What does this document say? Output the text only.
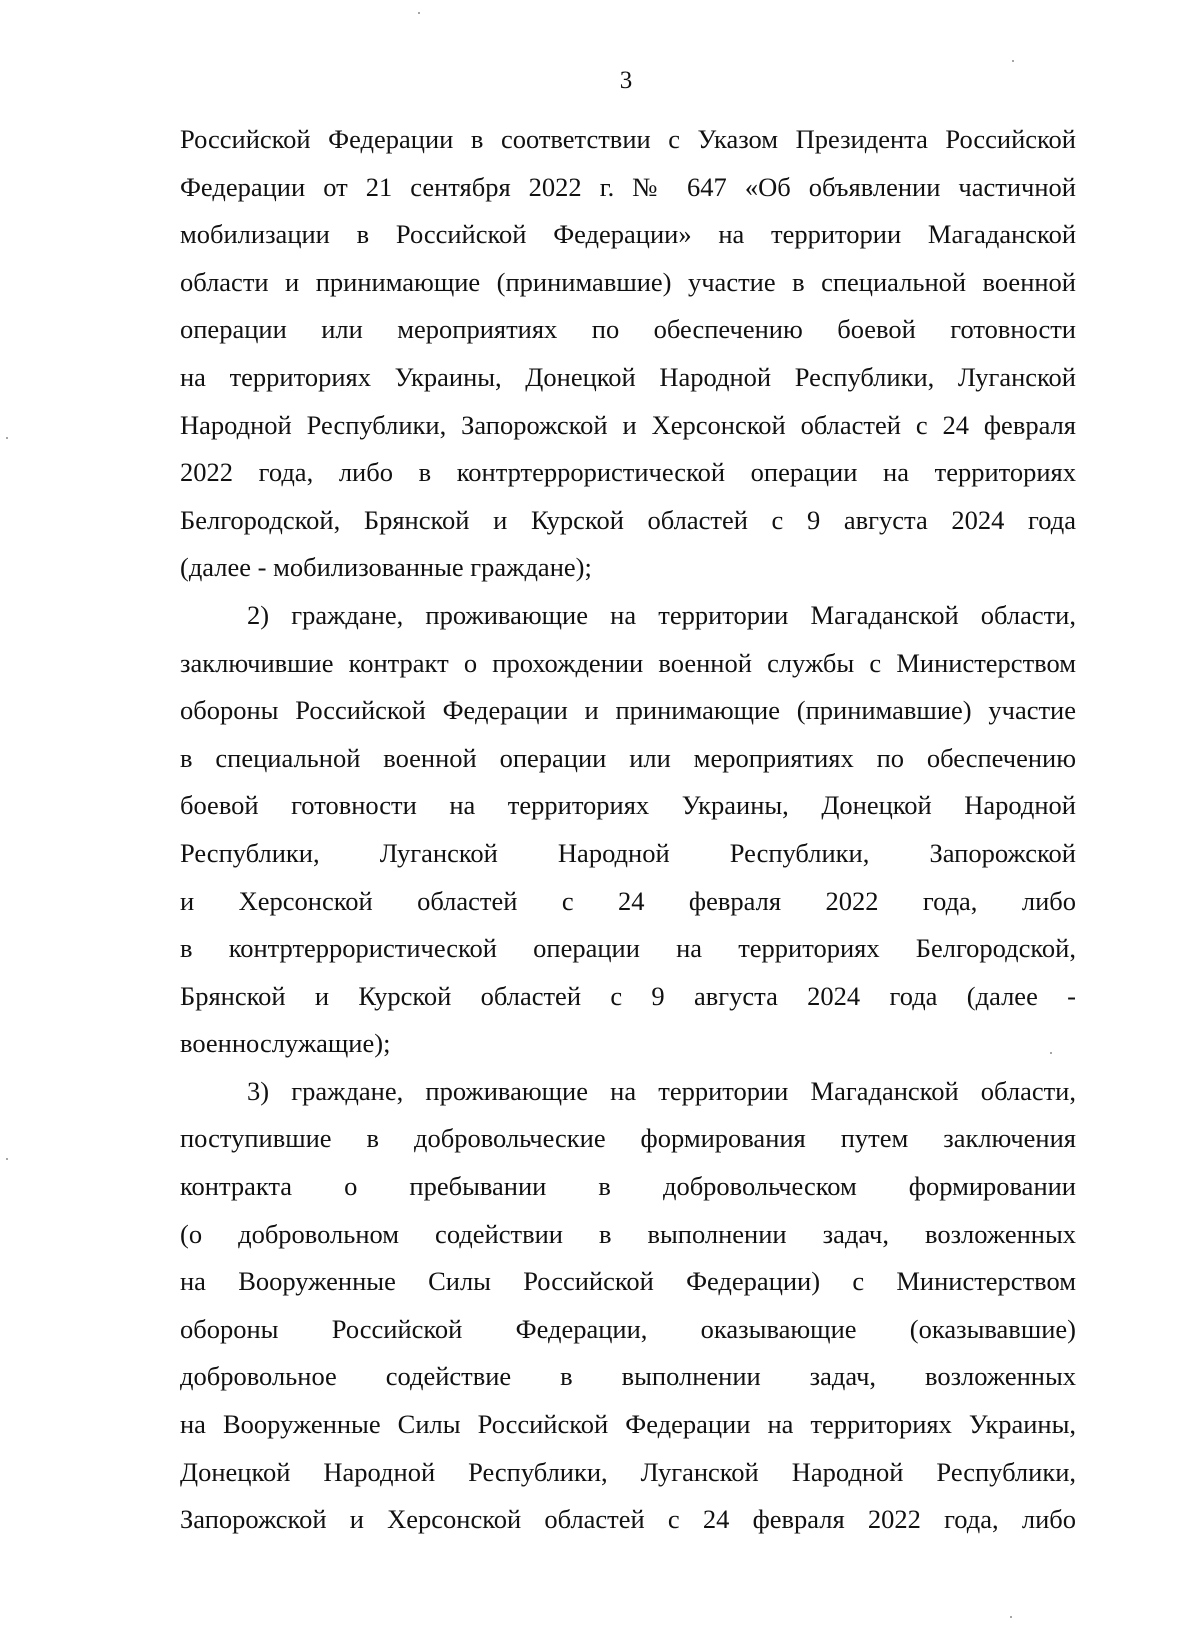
3
Российской Федерации в соответствии с Указом Президента Российской
Федерации от 21 сентября 2022 г. № 647 «Об объявлении частичной
мобилизации в Российской Федерации» на территории Магаданской
области и принимающие (принимавшие) участие в специальной военной
операции или мероприятиях по обеспечению боевой готовности
на территориях Украины, Донецкой Народной Республики, Луганской
Народной Республики, Запорожской и Херсонской областей с 24 февраля
2022 года, либо в контртеррористической операции на территориях
Белгородской, Брянской и Курской областей с 9 августа 2024 года
(далее - мобилизованные граждане);
2) граждане, проживающие на территории Магаданской области,
заключившие контракт о прохождении военной службы с Министерством
обороны Российской Федерации и принимающие (принимавшие) участие
в специальной военной операции или мероприятиях по обеспечению
боевой готовности на территориях Украины, Донецкой Народной
Республики, Луганской Народной Республики, Запорожской
и Херсонской областей с 24 февраля 2022 года, либо
в контртеррористической операции на территориях Белгородской,
Брянской и Курской областей с 9 августа 2024 года (далее -
военнослужащие);
3) граждане, проживающие на территории Магаданской области,
поступившие в добровольческие формирования путем заключения
контракта о пребывании в добровольческом формировании
(о добровольном содействии в выполнении задач, возложенных
на Вооруженные Силы Российской Федерации) с Министерством
обороны Российской Федерации, оказывающие (оказывавшие)
добровольное содействие в выполнении задач, возложенных
на Вооруженные Силы Российской Федерации на территориях Украины,
Донецкой Народной Республики, Луганской Народной Республики,
Запорожской и Херсонской областей с 24 февраля 2022 года, либо
